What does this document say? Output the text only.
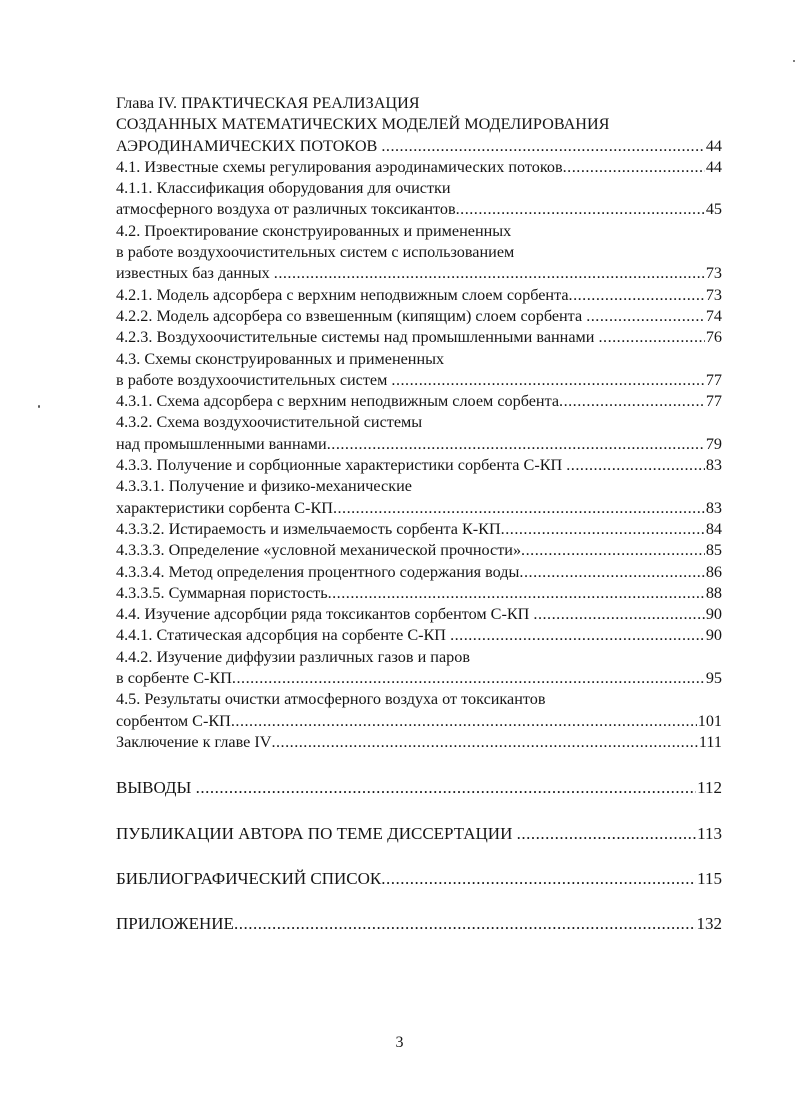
Глава IV. ПРАКТИЧЕСКАЯ РЕАЛИЗАЦИЯ
СОЗДАННЫХ МАТЕМАТИЧЕСКИХ МОДЕЛЕЙ МОДЕЛИРОВАНИЯ
АЭРОДИНАМИЧЕСКИХ ПОТОКОВ .....	44
4.1. Известные схемы регулирования аэродинамических потоков .....	44
4.1.1. Классификация оборудования для очистки
атмосферного воздуха от различных токсикантов .....	45
4.2. Проектирование сконструированных и примененных
в работе воздухоочистительных систем с использованием
известных баз данных .....	73
4.2.1. Модель адсорбера с верхним неподвижным слоем сорбента .....	73
4.2.2. Модель адсорбера со взвешенным (кипящим) слоем сорбента .....	74
4.2.3. Воздухоочистительные системы над промышленными ваннами .....	76
4.3. Схемы сконструированных и примененных
в работе воздухоочистительных систем .....	77
4.3.1. Схема адсорбера с верхним неподвижным слоем сорбента .....	77
4.3.2. Схема воздухоочистительной системы
над промышленными ваннами .....	79
4.3.3. Получение и сорбционные характеристики сорбента С-КП .....	83
4.3.3.1. Получение и физико-механические
характеристики сорбента С-КП .....	83
4.3.3.2. Истираемость и измельчаемость сорбента К-КП .....	84
4.3.3.3. Определение «условной механической прочности» .....	85
4.3.3.4. Метод определения процентного содержания воды .....	86
4.3.3.5. Суммарная пористость .....	88
4.4. Изучение адсорбции ряда токсикантов сорбентом С-КП .....	90
4.4.1. Статическая адсорбция на сорбенте С-КП .....	90
4.4.2. Изучение диффузии различных газов и паров
в сорбенте С-КП .....	95
4.5. Результаты очистки атмосферного воздуха от токсикантов
сорбентом С-КП .....	101
Заключение к главе IV .....	111
ВЫВОДЫ .....	112
ПУБЛИКАЦИИ АВТОРА ПО ТЕМЕ ДИССЕРТАЦИИ .....	113
БИБЛИОГРАФИЧЕСКИЙ СПИСОК .....	115
ПРИЛОЖЕНИЕ .....	132
3
